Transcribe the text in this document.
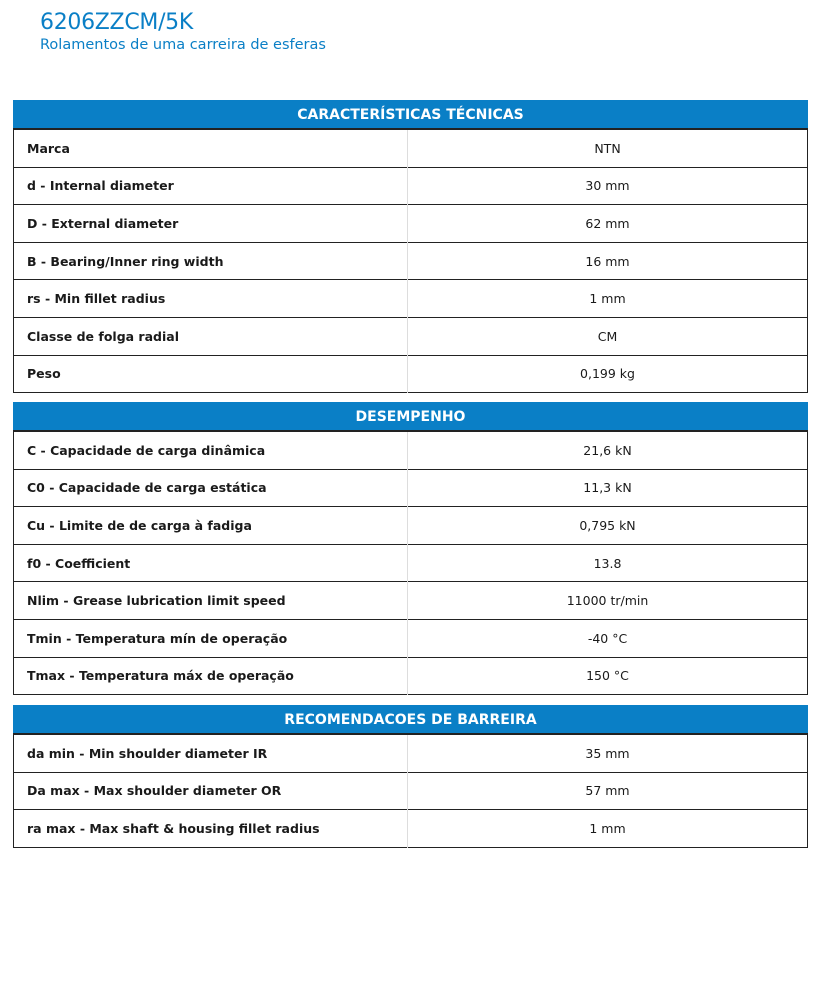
6206ZZCM/5K
Rolamentos de uma carreira de esferas
CARACTERÍSTICAS TÉCNICAS
Marca	NTN
d - Internal diameter	30 mm
D - External diameter	62 mm
B - Bearing/Inner ring width	16 mm
rs - Min fillet radius	1 mm
Classe de folga radial	CM
Peso	0,199 kg
DESEMPENHO
C - Capacidade de carga dinâmica	21,6 kN
C0 - Capacidade de carga estática	11,3 kN
Cu - Limite de de carga à fadiga	0,795 kN
f0 - Coefficient	13.8
Nlim - Grease lubrication limit speed	11000 tr/min
Tmin - Temperatura mín de operação	-40 °C
Tmax - Temperatura máx de operação	150 °C
RECOMENDACOES DE BARREIRA
da min - Min shoulder diameter IR	35 mm
Da max - Max shoulder diameter OR	57 mm
ra max - Max shaft & housing fillet radius	1 mm
